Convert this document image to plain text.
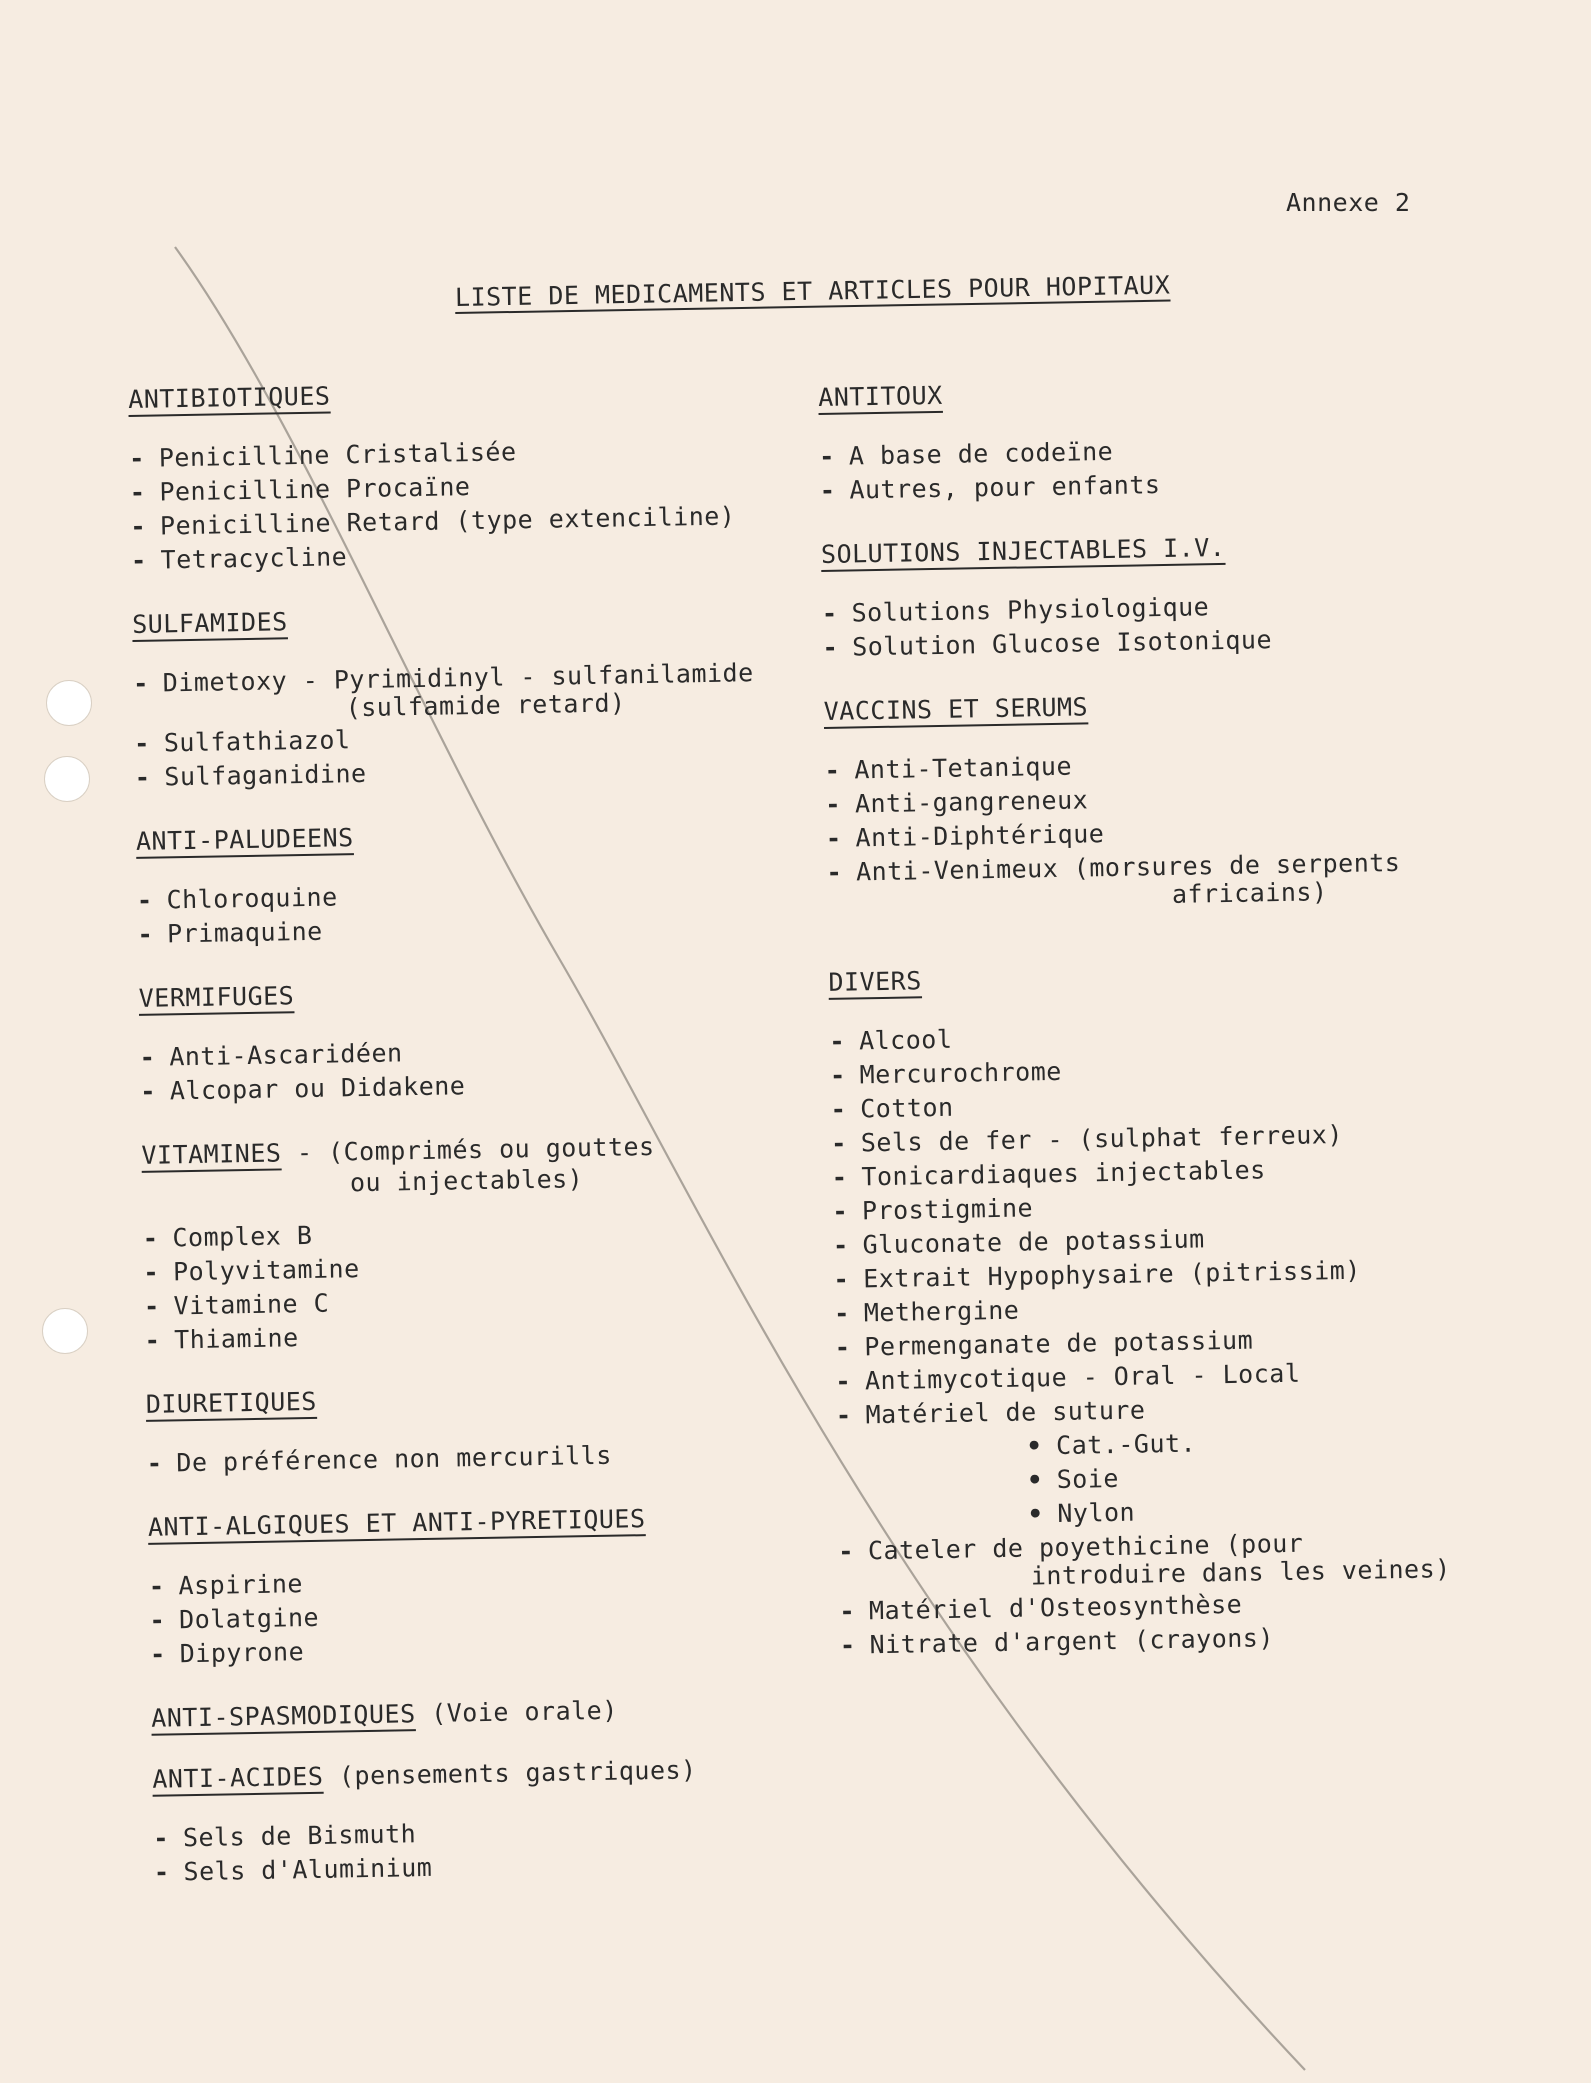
Annexe 2
LISTE DE MEDICAMENTS ET ARTICLES POUR HOPITAUX
ANTIBIOTIQUES
- Penicilline Cristalisée
- Penicilline Procaïne
- Penicilline Retard (type extenciline)
- Tetracycline
SULFAMIDES
- Dimetoxy - Pyrimidinyl - sulfanilamide
(sulfamide retard)
- Sulfathiazol
- Sulfaganidine
ANTI-PALUDEENS
- Chloroquine
- Primaquine
VERMIFUGES
- Anti-Ascaridéen
- Alcopar ou Didakene
VITAMINES - (Comprimés ou gouttes
ou injectables)
- Complex B
- Polyvitamine
- Vitamine C
- Thiamine
DIURETIQUES
- De préférence non mercurills
ANTI-ALGIQUES ET ANTI-PYRETIQUES
- Aspirine
- Dolatgine
- Dipyrone
ANTI-SPASMODIQUES (Voie orale)
ANTI-ACIDES (pensements gastriques)
- Sels de Bismuth
- Sels d'Aluminium
ANTITOUX
- A base de codeïne
- Autres, pour enfants
SOLUTIONS INJECTABLES I.V.
- Solutions Physiologique
- Solution Glucose Isotonique
VACCINS ET SERUMS
- Anti-Tetanique
- Anti-gangreneux
- Anti-Diphtérique
- Anti-Venimeux (morsures de serpents
africains)
DIVERS
- Alcool
- Mercurochrome
- Cotton
- Sels de fer - (sulphat ferreux)
- Tonicardiaques injectables
- Prostigmine
- Gluconate de potassium
- Extrait Hypophysaire (pitrissim)
- Methergine
- Permenganate de potassium
- Antimycotique - Oral - Local
- Matériel de suture
• Cat.-Gut.
• Soie
• Nylon
- Cateler de poyethicine (pour
introduire dans les veines)
- Matériel d'Osteosynthèse
- Nitrate d'argent (crayons)
